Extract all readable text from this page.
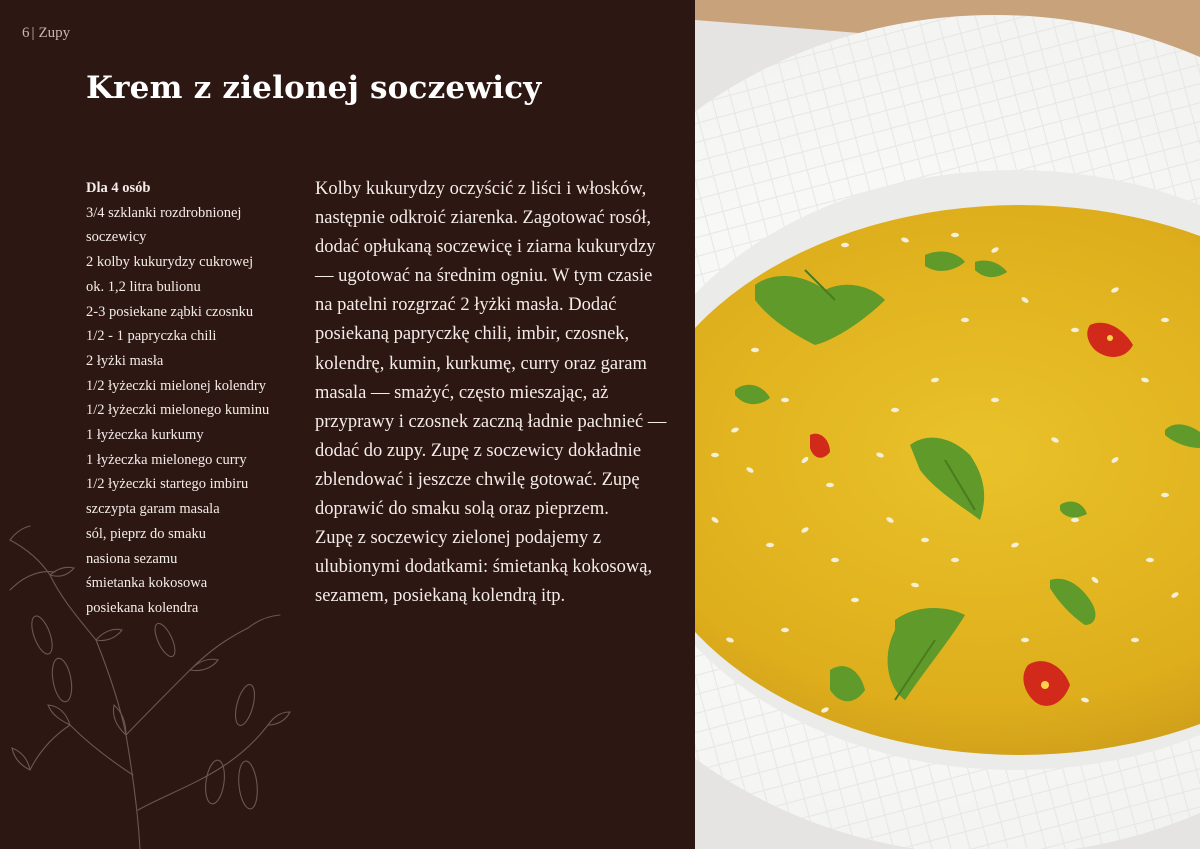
6 | Zupy
Krem z zielonej soczewicy
Dla 4 osób
3/4 szklanki rozdrobnionej soczewicy
2 kolby kukurydzy cukrowej
ok. 1,2 litra bulionu
2-3 posiekane ząbki czosnku
1/2 - 1 papryczka chili
2 łyżki masła
1/2 łyżeczki mielonej kolendry
1/2 łyżeczki mielonego kuminu
1 łyżeczka kurkumy
1 łyżeczka mielonego curry
1/2 łyżeczki startego imbiru
szczypta garam masala
sól, pieprz do smaku
nasiona sezamu
śmietanka kokosowa
posiekana kolendra

Kolby kukurydzy oczyścić z liści i włosków, następnie odkroić ziarenka. Zagotować rosół, dodać opłukaną soczewicę i ziarna kukurydzy — ugotować na średnim ogniu. W tym czasie na patelni rozgrzać 2 łyżki masła. Dodać posiekaną papryczkę chili, imbir, czosnek, kolendrę, kumin, kurkumę, curry oraz garam masala — smażyć, często mieszając, aż przyprawy i czosnek zaczną ładnie pachnieć — dodać do zupy. Zupę z soczewicy dokładnie zblendować i jeszcze chwilę gotować. Zupę doprawić do smaku solą oraz pieprzem.

Zupę z soczewicy zielonej podajemy z ulubionymi dodatkami: śmietanką kokosową, sezamem, posiekaną kolendrą itp.
